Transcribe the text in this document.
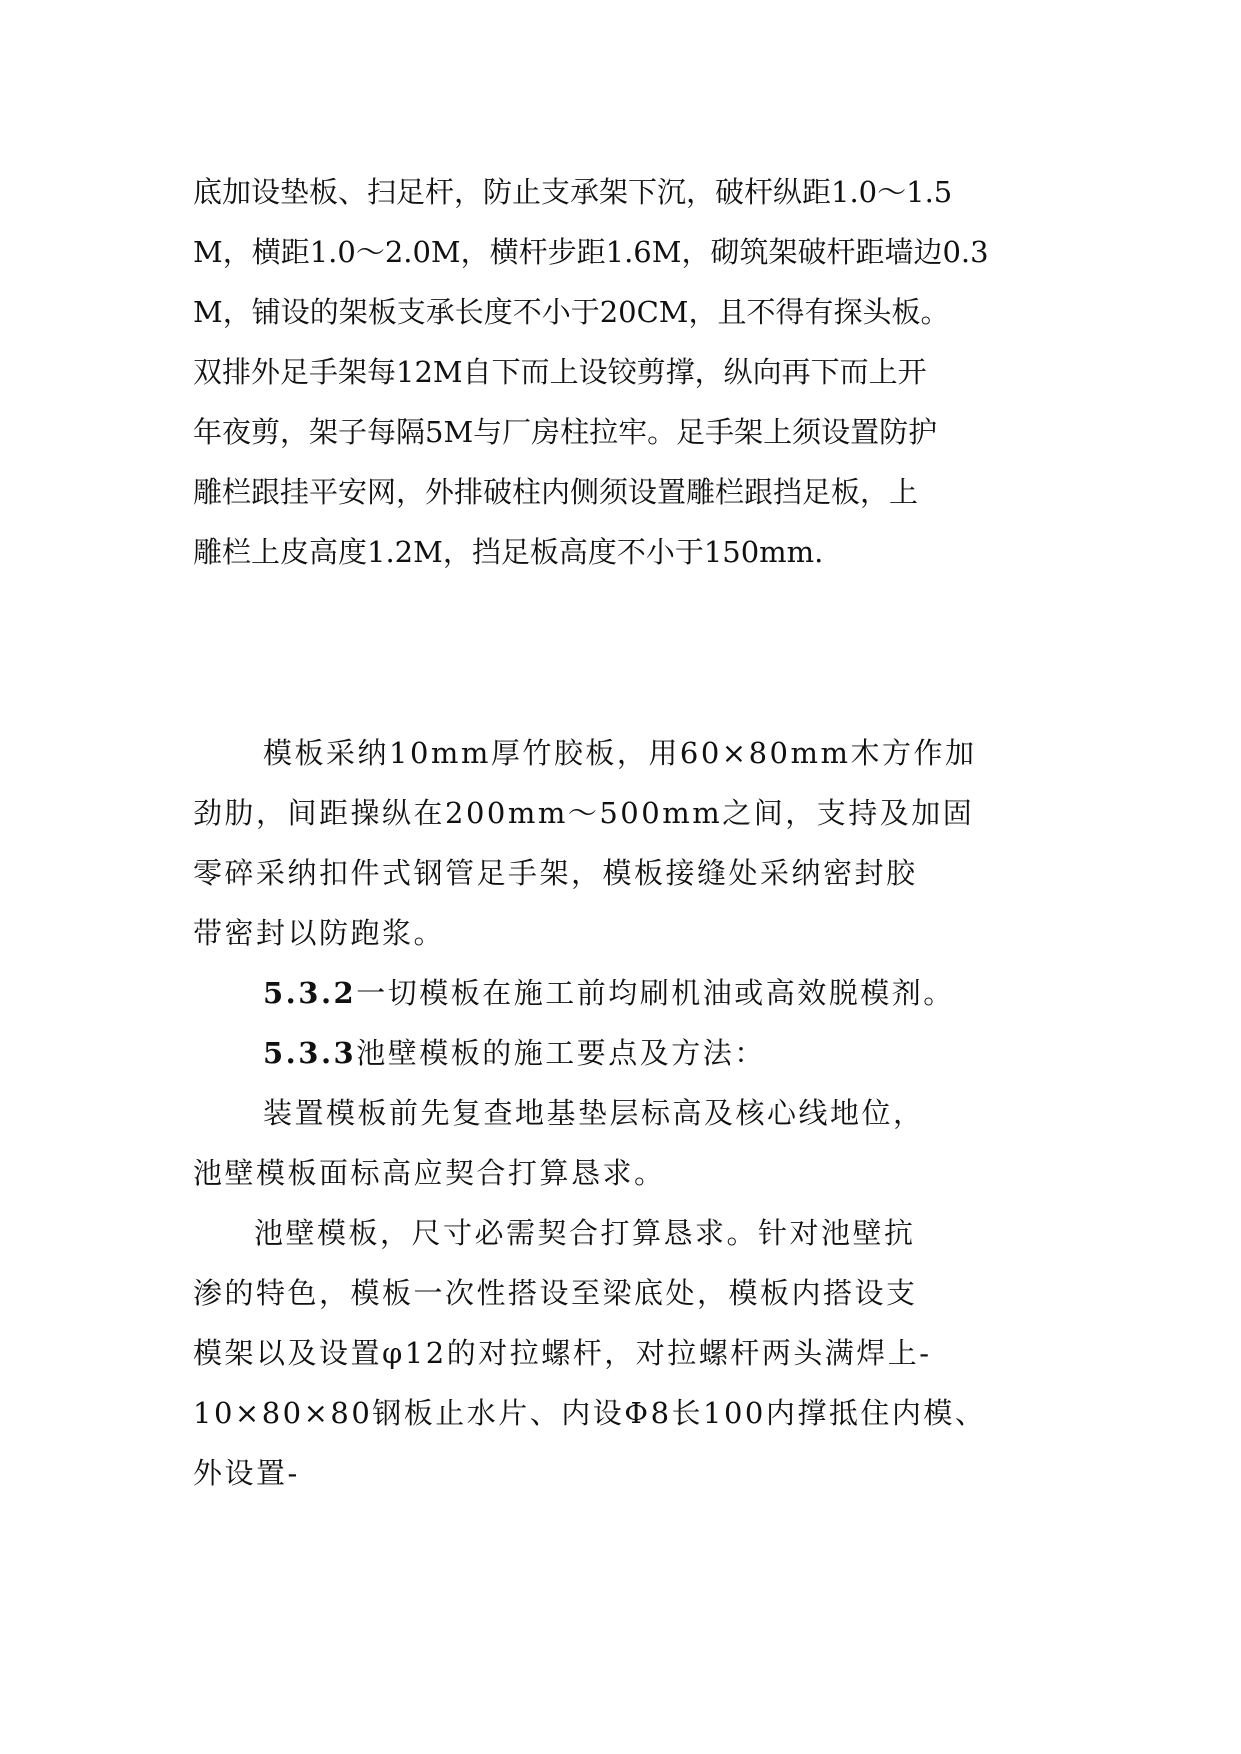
底加设垫板、扫足杆，防止支承架下沉，破杆纵距1.0～1.5
M，横距1.0～2.0M，横杆步距1.6M，砌筑架破杆距墙边0.3
M，铺设的架板支承长度不小于20CM，且不得有探头板。
双排外足手架每12M自下而上设铰剪撑，纵向再下而上开
年夜剪，架子每隔5M与厂房柱拉牢。足手架上须设置防护
雕栏跟挂平安网，外排破柱内侧须设置雕栏跟挡足板，上
雕栏上皮高度1.2M，挡足板高度不小于150mm.
模板采纳10mm厚竹胶板，用60×80mm木方作加
劲肋，间距操纵在200mm～500mm之间，支持及加固
零碎采纳扣件式钢管足手架，模板接缝处采纳密封胶
带密封以防跑浆。
5.3.2一切模板在施工前均刷机油或高效脱模剂。
5.3.3池壁模板的施工要点及方法：
装置模板前先复查地基垫层标高及核心线地位，
池壁模板面标高应契合打算恳求。
池壁模板，尺寸必需契合打算恳求。针对池壁抗
渗的特色，模板一次性搭设至梁底处，模板内搭设支
模架以及设置φ12的对拉螺杆，对拉螺杆两头满焊上-
10×80×80钢板止水片、内设Φ8长100内撑抵住内模、
外设置-
